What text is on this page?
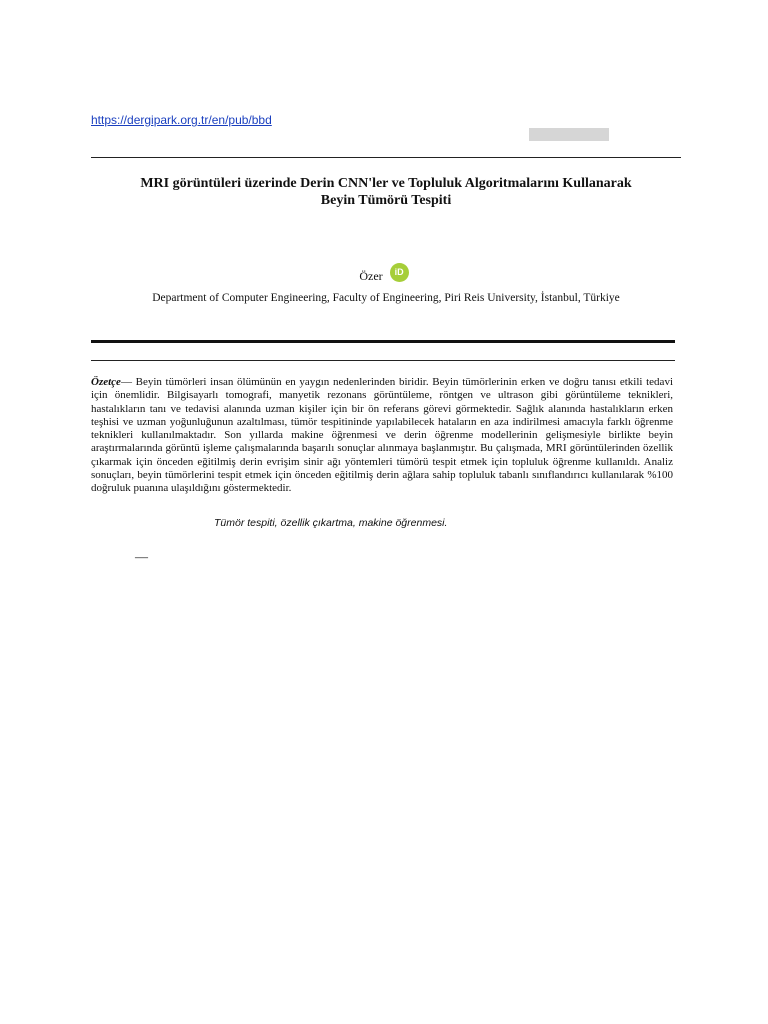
https://dergipark.org.tr/en/pub/bbd
MRI görüntüleri üzerinde Derin CNN'ler ve Topluluk Algoritmalarını Kullanarak
Beyin Tümörü Tespiti
Özer iD
Department of Computer Engineering, Faculty of Engineering, Piri Reis University, İstanbul, Türkiye
Özetçe— Beyin tümörleri insan ölümünün en yaygın nedenlerinden biridir. Beyin tümörlerinin erken ve doğru tanısı etkili tedavi için önemlidir. Bilgisayarlı tomografi, manyetik rezonans görüntüleme, röntgen ve ultrason gibi görüntüleme teknikleri, hastalıkların tanı ve tedavisi alanında uzman kişiler için bir ön referans görevi görmektedir. Sağlık alanında hastalıkların erken teşhisi ve uzman yoğunluğunun azaltılması, tümör tespitininde yapılabilecek hataların en aza indirilmesi amacıyla farklı öğrenme teknikleri kullanılmaktadır. Son yıllarda makine öğrenmesi ve derin öğrenme modellerinin gelişmesiyle birlikte beyin araştırmalarında görüntü işleme çalışmalarında başarılı sonuçlar alınmaya başlanmıştır. Bu çalışmada, MRI görüntülerinden özellik çıkarmak için önceden eğitilmiş derin evrişim sinir ağı yöntemleri tümörü tespit etmek için topluluk öğrenme kullanıldı. Analiz sonuçları, beyin tümörlerini tespit etmek için önceden eğitilmiş derin ağlara sahip topluluk tabanlı sınıflandırıcı kullanılarak %100 doğruluk puanına ulaşıldığını göstermektedir.
Tümör tespiti, özellik çıkartma, makine öğrenmesi.
—
